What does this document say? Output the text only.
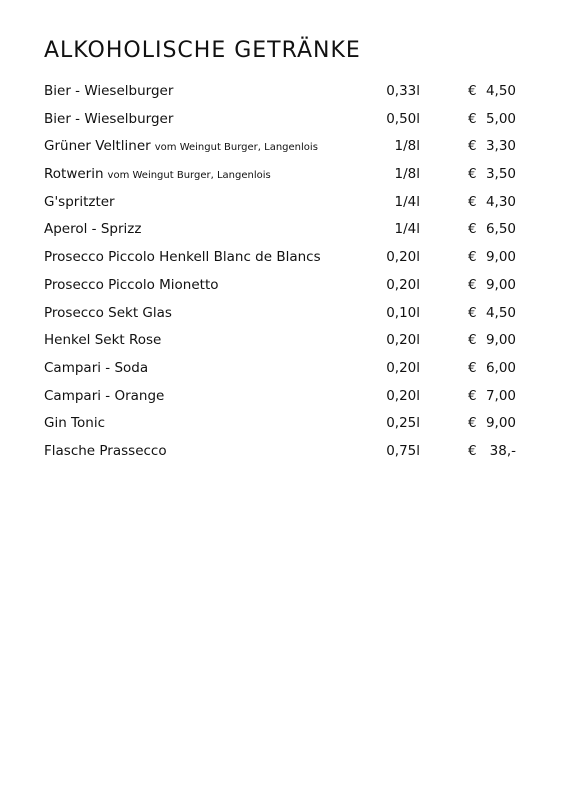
ALKOHOLISCHE GETRÄNKE
Bier - Wieselburger	0,33l	€ 4,50
Bier - Wieselburger	0,50l	€ 5,00
Grüner Veltliner vom Weingut Burger, Langenlois	1/8l	€ 3,30
Rotwerin vom Weingut Burger, Langenlois	1/8l	€ 3,50
G'spritzter	1/4l	€ 4,30
Aperol - Sprizz	1/4l	€ 6,50
Prosecco Piccolo Henkell Blanc de Blancs	0,20l	€ 9,00
Prosecco Piccolo Mionetto	0,20l	€ 9,00
Prosecco Sekt Glas	0,10l	€ 4,50
Henkel Sekt Rose	0,20l	€ 9,00
Campari - Soda	0,20l	€ 6,00
Campari - Orange	0,20l	€ 7,00
Gin Tonic	0,25l	€ 9,00
Flasche Prassecco	0,75l	€ 38,-
